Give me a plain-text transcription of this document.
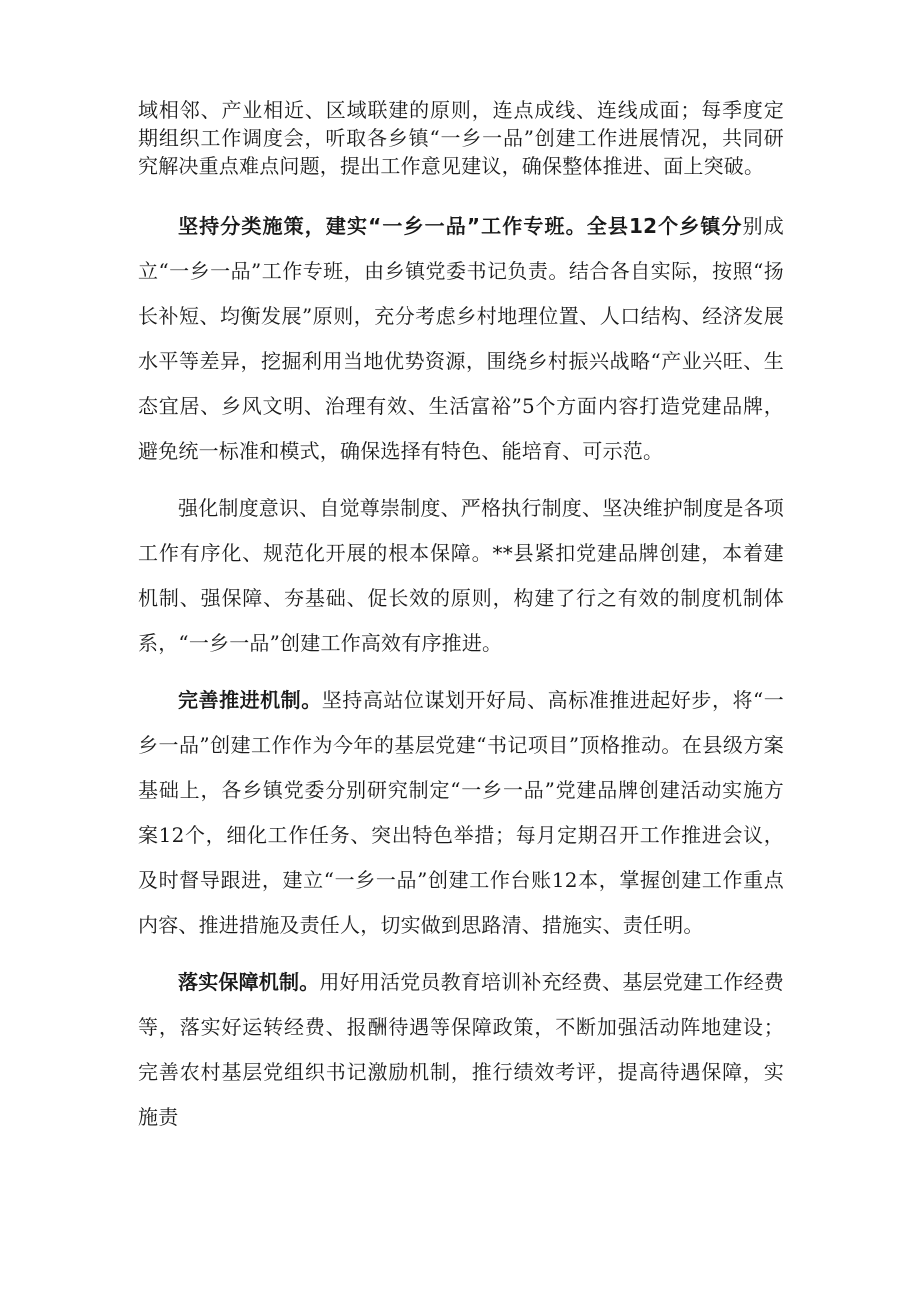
域相邻、产业相近、区域联建的原则，连点成线、连线成面；每季度定期组织工作调度会，听取各乡镇“一乡一品”创建工作进展情况，共同研究解决重点难点问题，提出工作意见建议，确保整体推进、面上突破。

坚持分类施策，建实“一乡一品”工作专班。全县12个乡镇分别成立“一乡一品”工作专班，由乡镇党委书记负责。结合各自实际，按照“扬长补短、均衡发展”原则，充分考虑乡村地理位置、人口结构、经济发展水平等差异，挖掘利用当地优势资源，围绕乡村振兴战略“产业兴旺、生态宜居、乡风文明、治理有效、生活富裕”5个方面内容打造党建品牌，避免统一标准和模式，确保选择有特色、能培育、可示范。

强化制度意识、自觉尊崇制度、严格执行制度、坚决维护制度是各项工作有序化、规范化开展的根本保障。**县紧扣党建品牌创建，本着建机制、强保障、夯基础、促长效的原则，构建了行之有效的制度机制体系，“一乡一品”创建工作高效有序推进。

完善推进机制。坚持高站位谋划开好局、高标准推进起好步，将“一乡一品”创建工作作为今年的基层党建“书记项目”顶格推动。在县级方案基础上，各乡镇党委分别研究制定“一乡一品”党建品牌创建活动实施方案12个，细化工作任务、突出特色举措；每月定期召开工作推进会议，及时督导跟进，建立“一乡一品”创建工作台账12本，掌握创建工作重点内容、推进措施及责任人，切实做到思路清、措施实、责任明。

落实保障机制。用好用活党员教育培训补充经费、基层党建工作经费等，落实好运转经费、报酬待遇等保障政策，不断加强活动阵地建设；完善农村基层党组织书记激励机制，推行绩效考评，提高待遇保障，实施责
